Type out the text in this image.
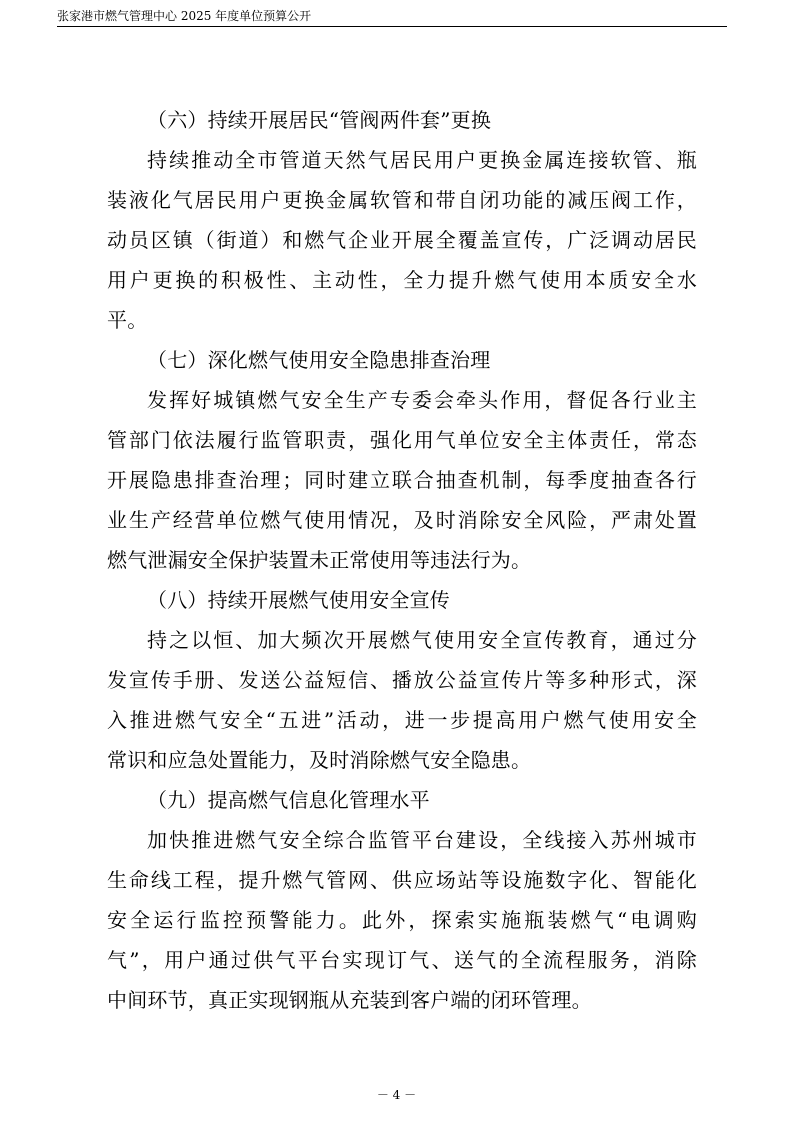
张家港市燃气管理中心 2025 年度单位预算公开
（六）持续开展居民“管阀两件套”更换
持续推动全市管道天然气居民用户更换金属连接软管、瓶
装液化气居民用户更换金属软管和带自闭功能的减压阀工作，
动员区镇（街道）和燃气企业开展全覆盖宣传，广泛调动居民
用户更换的积极性、主动性，全力提升燃气使用本质安全水
平。
（七）深化燃气使用安全隐患排查治理
发挥好城镇燃气安全生产专委会牵头作用，督促各行业主
管部门依法履行监管职责，强化用气单位安全主体责任，常态
开展隐患排查治理；同时建立联合抽查机制，每季度抽查各行
业生产经营单位燃气使用情况，及时消除安全风险，严肃处置
燃气泄漏安全保护装置未正常使用等违法行为。
（八）持续开展燃气使用安全宣传
持之以恒、加大频次开展燃气使用安全宣传教育，通过分
发宣传手册、发送公益短信、播放公益宣传片等多种形式，深
入推进燃气安全“五进”活动，进一步提高用户燃气使用安全
常识和应急处置能力，及时消除燃气安全隐患。
（九）提高燃气信息化管理水平
加快推进燃气安全综合监管平台建设，全线接入苏州城市
生命线工程，提升燃气管网、供应场站等设施数字化、智能化
安全运行监控预警能力。此外，探索实施瓶装燃气“电调购
气”，用户通过供气平台实现订气、送气的全流程服务，消除
中间环节，真正实现钢瓶从充装到客户端的闭环管理。
－ 4 －
